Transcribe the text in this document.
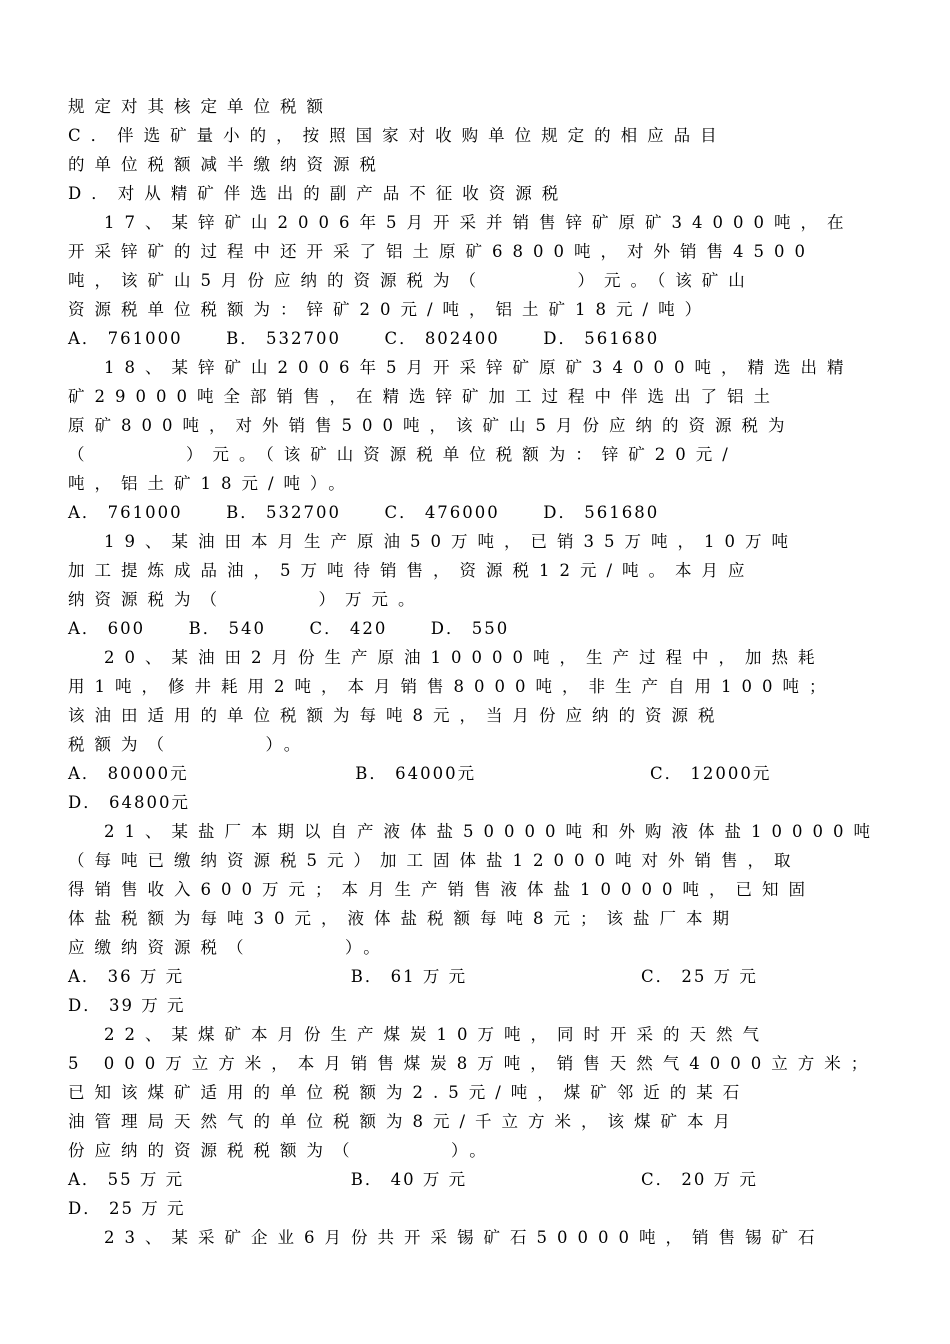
规定对其核定单位税额
C．伴选矿量小的，按照国家对收购单位规定的相应品目
的单位税额减半缴纳资源税
D．对从精矿伴选出的副产品不征收资源税
17、某锌矿山2006年5月开采并销售锌矿原矿34000吨，在
开采锌矿的过程中还开采了铝土原矿6800吨，对外销售4500
吨，该矿山5月份应纳的资源税为（      ）元。（该矿山
资源税单位税额为：锌矿20元/吨，铝土矿18元/吨）
A． 761000      B． 532700      C． 802400      D． 561680
18、某锌矿山2006年5月开采锌矿原矿34000吨，精选出精
矿29000吨全部销售，在精选锌矿加工过程中伴选出了铝土
原矿800吨，对外销售500吨，该矿山5月份应纳的资源税为
（      ）元。（该矿山资源税单位税额为：锌矿20元/
吨，铝土矿18元/吨）。
A． 761000      B． 532700      C． 476000      D． 561680
19、某油田本月生产原油50万吨，已销35万吨，10万吨
加工提炼成品油，5万吨待销售，资源税12元/吨。本月应
纳资源税为（      ）万元。
A． 600      B． 540      C． 420      D． 550
20、某油田2月份生产原油10000吨，生产过程中，加热耗
用1吨，修井耗用2吨，本月销售8000吨，非生产自用100吨；
该油田适用的单位税额为每吨8元，当月份应纳的资源税
税额为（      ）。
A． 80000元                       B． 64000元                        C． 12000元
D． 64800元
21、某盐厂本期以自产液体盐50000吨和外购液体盐10000吨
（每吨已缴纳资源税5元）加工固体盐12000吨对外销售，取
得销售收入600万元；本月生产销售液体盐10000吨，已知固
体盐税额为每吨30元，液体盐税额每吨8元；该盐厂本期
应缴纳资源税（      ）。
A． 36 万 元                       B． 61 万 元                        C． 25 万 元
D． 39 万 元
22、某煤矿本月份生产煤炭10万吨，同时开采的天然气
5 000万立方米，本月销售煤炭8万吨，销售天然气4000立方米；
已知该煤矿适用的单位税额为2.5元/吨，煤矿邻近的某石
油管理局天然气的单位税额为8元/千立方米，该煤矿本月
份应纳的资源税税额为（      ）。
A． 55 万 元                       B． 40 万 元                        C． 20 万 元
D． 25 万 元
23、某采矿企业6月份共开采锡矿石50000吨，销售锡矿石
